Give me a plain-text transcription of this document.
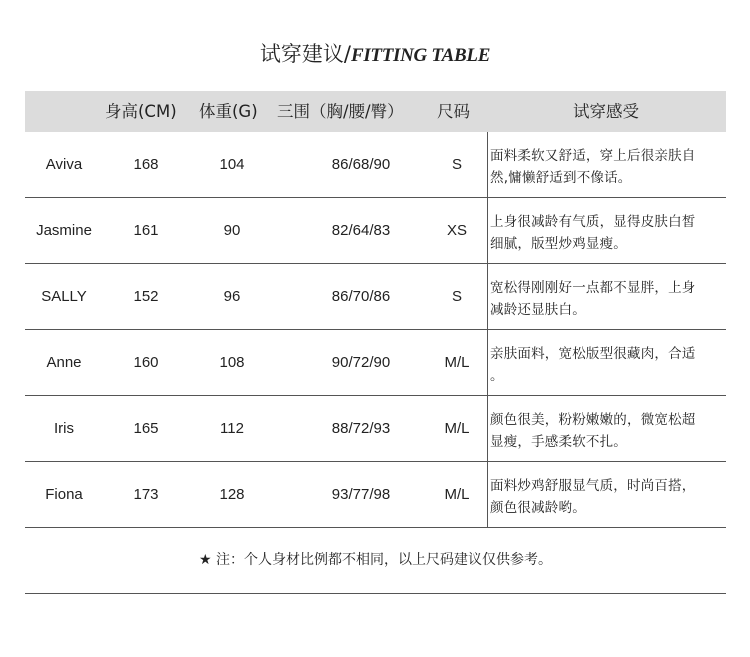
试穿建议/FITTING TABLE
身高(CM) 体重(G) 三围（胸/腰/臀） 尺码	试穿感受
Aviva	168	104	86/68/90	S	面料柔软又舒适，穿上后很亲肤自
然,慵懒舒适到不像话。
Jasmine	161	90	82/64/83	XS	上身很减龄有气质，显得皮肤白皙
细腻，版型炒鸡显瘦。
SALLY	152	96	86/70/86	S	宽松得刚刚好一点都不显胖，上身
减龄还显肤白。
Anne	160	108	90/72/90	M/L	亲肤面料，宽松版型很藏肉，合适
。
Iris	165	112	88/72/93	M/L	颜色很美，粉粉嫩嫩的，微宽松超
显瘦，手感柔软不扎。
Fiona	173	128	93/77/98	M/L	面料炒鸡舒服显气质，时尚百搭，
颜色很减龄哟。
★ 注：个人身材比例都不相同，以上尺码建议仅供参考。
